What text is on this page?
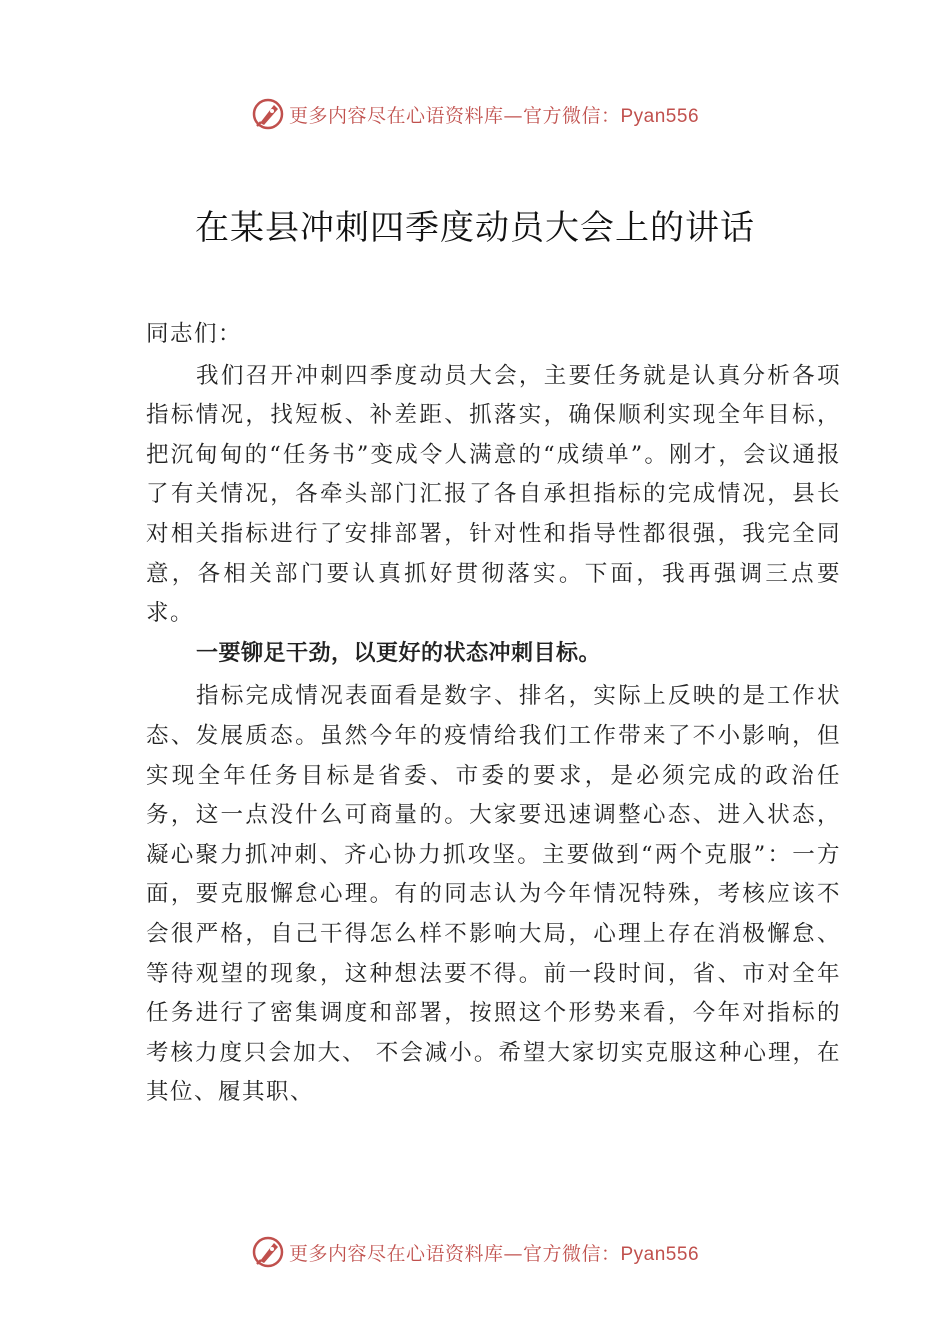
更多内容尽在心语资料库—官方微信：Pyan556
在某县冲刺四季度动员大会上的讲话

同志们：

我们召开冲刺四季度动员大会，主要任务就是认真分析各项指标情况，找短板、补差距、抓落实，确保顺利实现全年目标，把沉甸甸的“任务书”变成令人满意的“成绩单”。刚才，会议通报了有关情况，各牵头部门汇报了各自承担指标的完成情况，县长对相关指标进行了安排部署，针对性和指导性都很强，我完全同意，各相关部门要认真抓好贯彻落实。下面，我再强调三点要求。

一要铆足干劲，以更好的状态冲刺目标。

指标完成情况表面看是数字、排名，实际上反映的是工作状态、发展质态。虽然今年的疫情给我们工作带来了不小影响，但实现全年任务目标是省委、市委的要求，是必须完成的政治任务，这一点没什么可商量的。大家要迅速调整心态、进入状态，凝心聚力抓冲刺、齐心协力抓攻坚。主要做到“两个克服”：一方面，要克服懈怠心理。有的同志认为今年情况特殊，考核应该不会很严格，自己干得怎么样不影响大局，心理上存在消极懈怠、等待观望的现象，这种想法要不得。前一段时间，省、市对全年任务进行了密集调度和部署，按照这个形势来看，今年对指标的考核力度只会加大、 不会减小。希望大家切实克服这种心理，在其位、履其职、

更多内容尽在心语资料库—官方微信：Pyan556
